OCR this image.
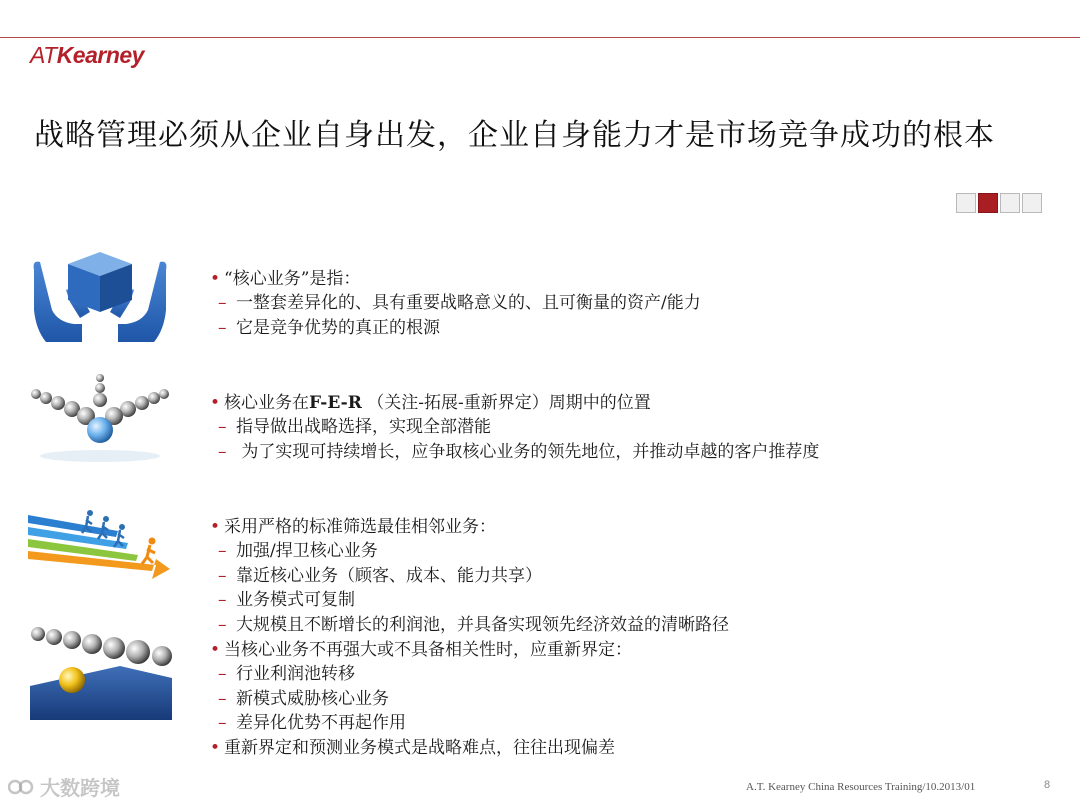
ATKearney
战略管理必须从企业自身出发，企业自身能力才是市场竞争成功的根本
• “核心业务”是指：
– 一整套差异化的、具有重要战略意义的、且可衡量的资产/能力
– 它是竞争优势的真正的根源
• 核心业务在F-E-R （关注-拓展-重新界定）周期中的位置
– 指导做出战略选择，实现全部潜能
– 为了实现可持续增长，应争取核心业务的领先地位，并推动卓越的客户推荐度
• 采用严格的标准筛选最佳相邻业务：
– 加强/捍卫核心业务
– 靠近核心业务（顾客、成本、能力共享）
– 业务模式可复制
– 大规模且不断增长的利润池，并具备实现领先经济效益的清晰路径
• 当核心业务不再强大或不具备相关性时，应重新界定：
– 行业利润池转移
– 新模式威胁核心业务
– 差异化优势不再起作用
• 重新界定和预测业务模式是战略难点，往往出现偏差
A.T. Kearney China Resources Training/10.2013/01	8
大数跨境
